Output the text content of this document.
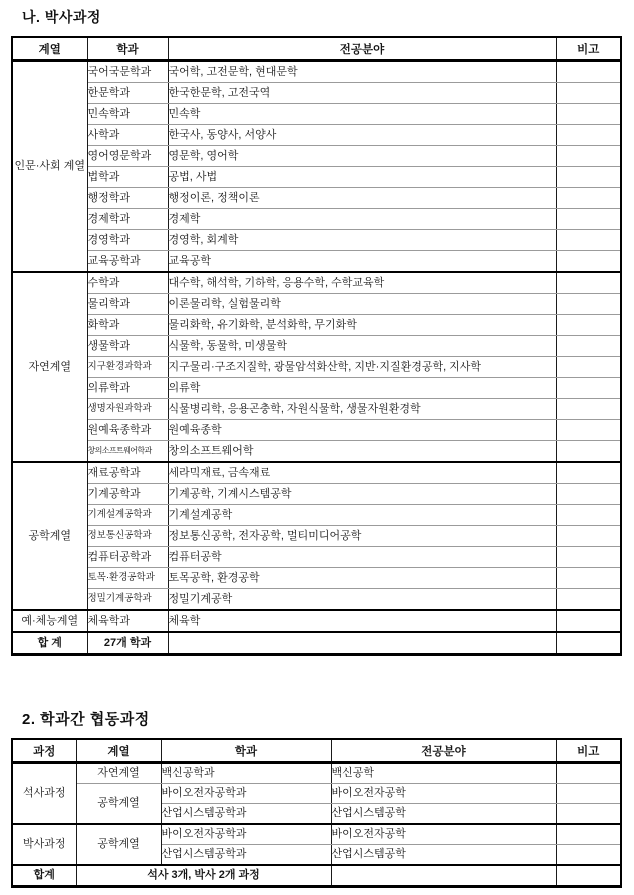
나. 박사과정
계열	학과	전공분야	비고
인문·사회 계열	국어국문학과	국어학, 고전문학, 현대문학	
	한문학과	한국한문학, 고전국역	
	민속학과	민속학	
	사학과	한국사, 동양사, 서양사	
	영어영문학과	영문학, 영어학	
	법학과	공법, 사법	
	행정학과	행정이론, 정책이론	
	경제학과	경제학	
	경영학과	경영학, 회계학	
	교육공학과	교육공학	
자연계열	수학과	대수학, 해석학, 기하학, 응용수학, 수학교육학	
	물리학과	이론물리학, 실험물리학	
	화학과	물리화학, 유기화학, 분석화학, 무기화학	
	생물학과	식물학, 동물학, 미생물학	
	지구환경과학과	지구물리·구조지질학, 광물암석화산학, 지반·지질환경공학, 지사학	
	의류학과	의류학	
	생명자원과학과	식물병리학, 응용곤충학, 자원식물학, 생물자원환경학	
	원예육종학과	원예육종학	
	창의소프트웨어학과	창의소프트웨어학	
공학계열	재료공학과	세라믹재료, 금속재료	
	기계공학과	기계공학, 기계시스템공학	
	기계설계공학과	기계설계공학	
	정보통신공학과	정보통신공학, 전자공학, 멀티미디어공학	
	컴퓨터공학과	컴퓨터공학	
	토목·환경공학과	토목공학, 환경공학	
	정밀기계공학과	정밀기계공학	
예·체능계열	체육학과	체육학	
합 계	27개 학과		
2. 학과간 협동과정
과정	계열	학과	전공분야	비고
석사과정	자연계열	백신공학과	백신공학	
	공학계열	바이오전자공학과	바이오전자공학	
		산업시스템공학과	산업시스템공학	
박사과정	공학계열	바이오전자공학과	바이오전자공학	
		산업시스템공학과	산업시스템공학	
합계	석사 3개, 박사 2개 과정			
